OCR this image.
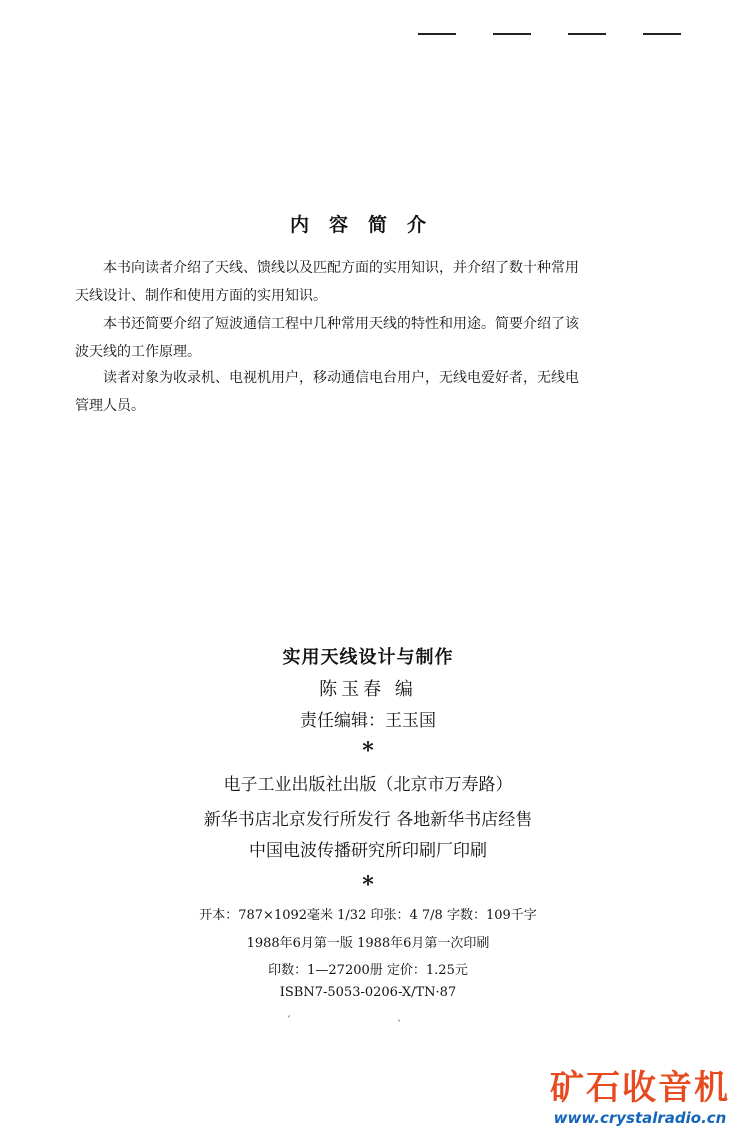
内容简介
本书向读者介绍了天线、馈线以及匹配方面的实用知识，并介绍了数十种常用
天线设计、制作和使用方面的实用知识。
本书还简要介绍了短波通信工程中几种常用天线的特性和用途。简要介绍了该
波天线的工作原理。
读者对象为收录机、电视机用户，移动通信电台用户，无线电爱好者，无线电
管理人员。
实用天线设计与制作
陈玉春 编
责任编辑：王玉国
*
电子工业出版社出版（北京市万寿路）
新华书店北京发行所发行 各地新华书店经售
中国电波传播研究所印刷厂印刷
*
开本：787×1092毫米 1/32 印张：4 7/8 字数：109千字
1988年6月第一版 1988年6月第一次印刷
印数：1—27200册 定价：1.25元
ISBN7-5053-0206-X/TN·87
ˊ	ˋ
矿石收音机
www.crystalradio.cn
